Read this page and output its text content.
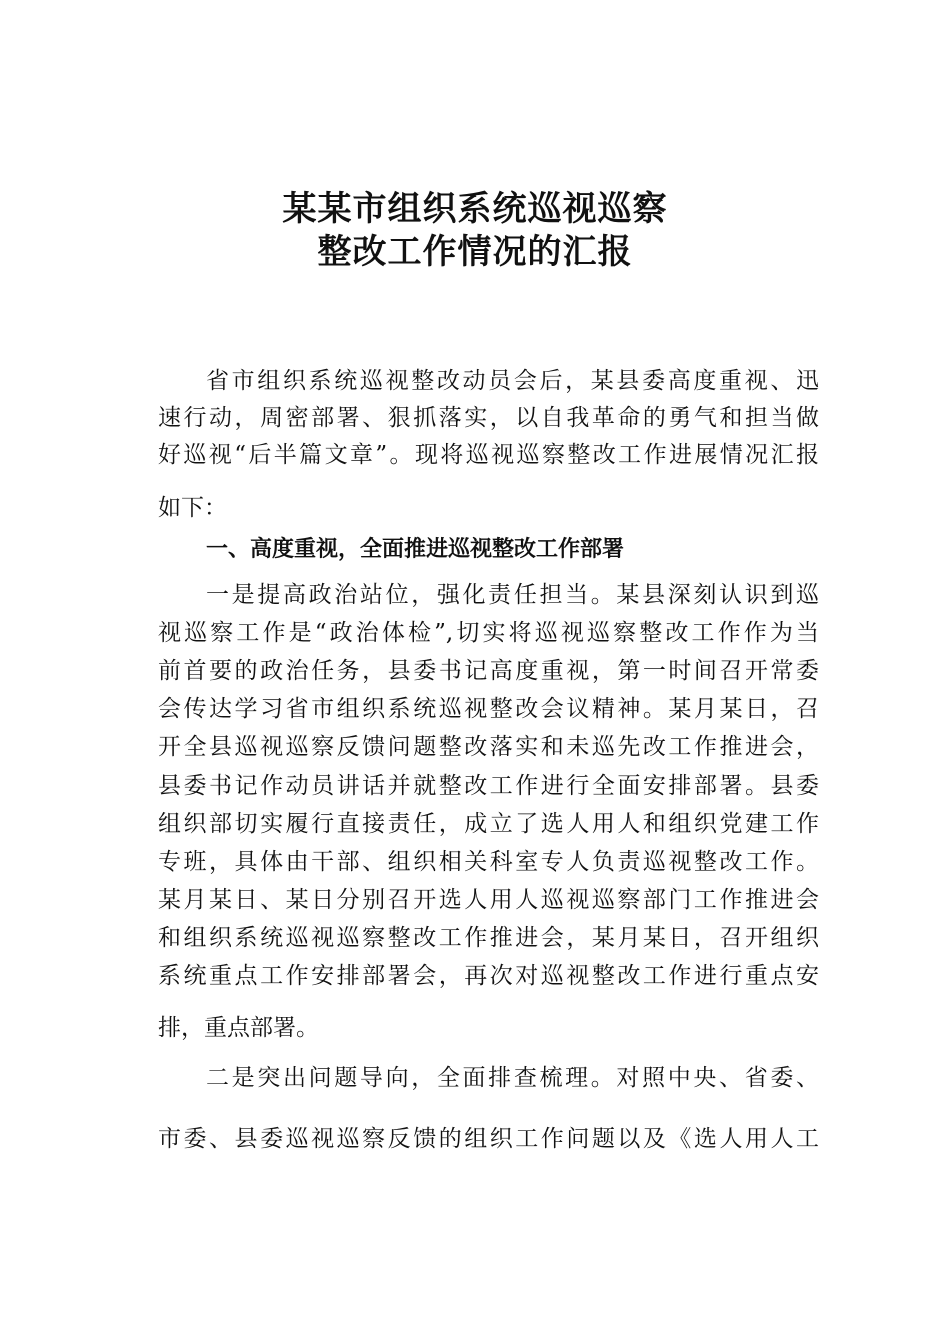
某某市组织系统巡视巡察
整改工作情况的汇报
省市组织系统巡视整改动员会后，某县委高度重视、迅
速行动，周密部署、狠抓落实，以自我革命的勇气和担当做
好巡视“后半篇文章”。现将巡视巡察整改工作进展情况汇报
如下：
一、高度重视，全面推进巡视整改工作部署
一是提高政治站位，强化责任担当。某县深刻认识到巡
视巡察工作是“政治体检”,切实将巡视巡察整改工作作为当
前首要的政治任务，县委书记高度重视，第一时间召开常委
会传达学习省市组织系统巡视整改会议精神。某月某日，召
开全县巡视巡察反馈问题整改落实和未巡先改工作推进会，
县委书记作动员讲话并就整改工作进行全面安排部署。县委
组织部切实履行直接责任，成立了选人用人和组织党建工作
专班，具体由干部、组织相关科室专人负责巡视整改工作。
某月某日、某日分别召开选人用人巡视巡察部门工作推进会
和组织系统巡视巡察整改工作推进会，某月某日，召开组织
系统重点工作安排部署会，再次对巡视整改工作进行重点安
排，重点部署。
二是突出问题导向，全面排查梳理。对照中央、省委、
市委、县委巡视巡察反馈的组织工作问题以及《选人用人工
